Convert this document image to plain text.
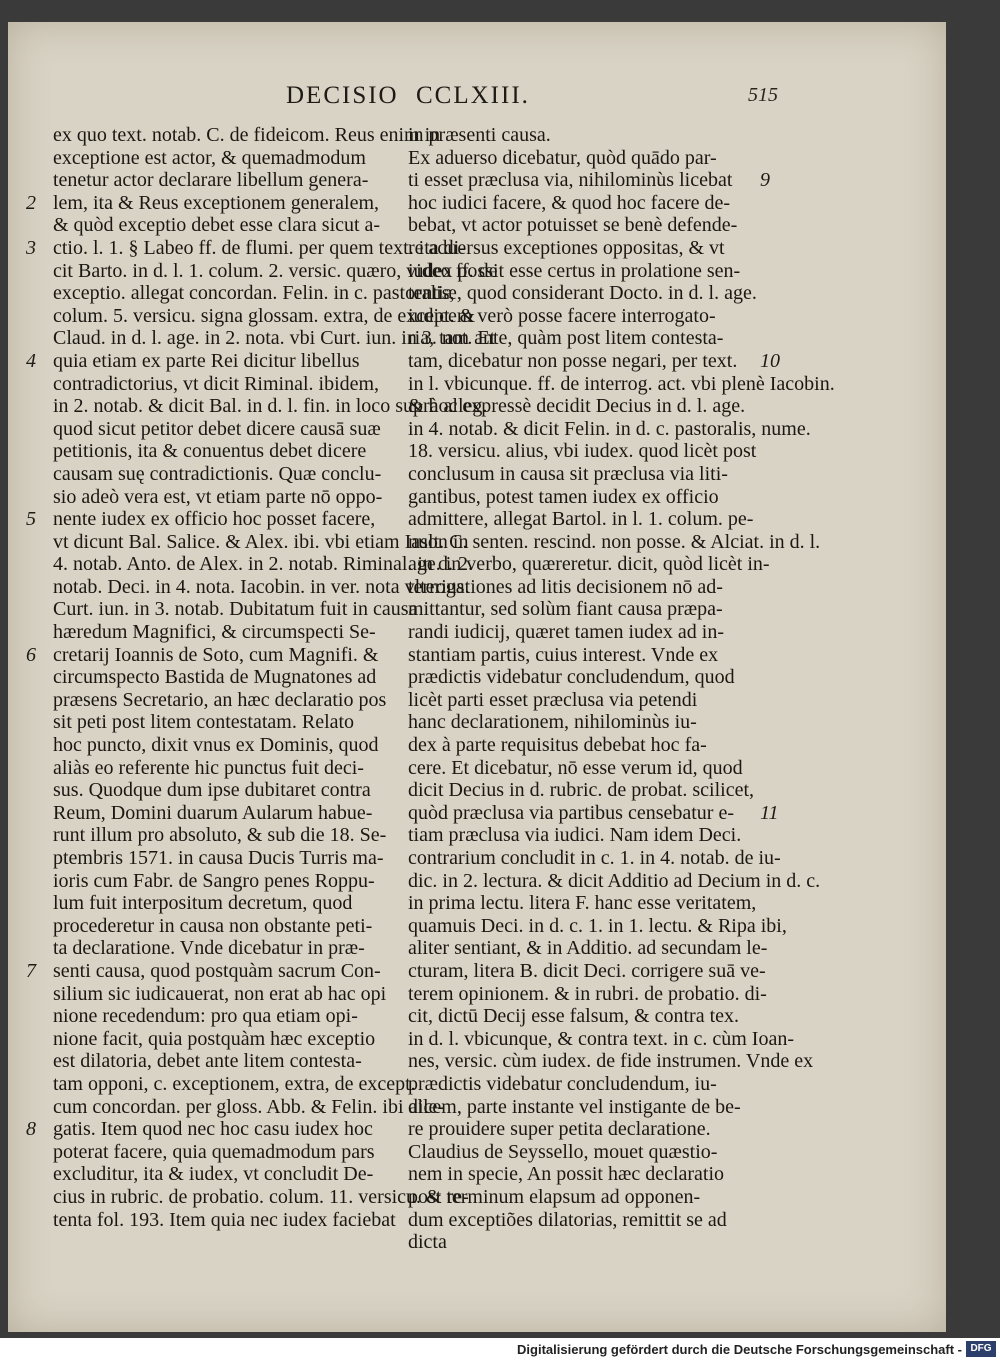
DECISIO CCLXIII.	515
ex quo text. notab. C. de fideicom. Reus enim in
exceptione est actor, & quemadmodum
tenetur actor declarare libellum genera-
lem, ita & Reus exceptionem generalem,
& quòd exceptio debet esse clara sicut a-
ctio. l. 1. § Labeo ff. de flumi. per quem text. ita di-
cit Barto. in d. l. 1. colum. 2. versic. quæro, video ff. de
exceptio. allegat concordan. Felin. in c. pastoralis,
colum. 5. versicu. signa glossam. extra, de except. &
Claud. in d. l. age. in 2. nota. vbi Curt. iun. in 3. not. Et
quia etiam ex parte Rei dicitur libellus
contradictorius, vt dicit Riminal. ibidem,
in 2. notab. & dicit Bal. in d. l. fin. in loco suprà alleg.
quod sicut petitor debet dicere causā suæ
petitionis, ita & conuentus debet dicere
causam suę contradictionis. Quæ conclu-
sio adeò vera est, vt etiam parte nō oppo-
nente iudex ex officio hoc posset facere,
vt dicunt Bal. Salice. & Alex. ibi. vbi etiam Iason in
4. notab. Anto. de Alex. in 2. notab. Riminal. in d. 2.
notab. Deci. in 4. nota. Iacobin. in ver. nota vlterius.
Curt. iun. in 3. notab. Dubitatum fuit in causa
hæredum Magnifici, & circumspecti Se-
cretarij Ioannis de Soto, cum Magnifi. &
circumspecto Bastida de Mugnatones ad
præsens Secretario, an hæc declaratio pos
sit peti post litem contestatam. Relato
hoc puncto, dixit vnus ex Dominis, quod
aliàs eo referente hic punctus fuit deci-
sus. Quodque dum ipse dubitaret contra
Reum, Domini duarum Aularum habue-
runt illum pro absoluto, & sub die 18. Se-
ptembris 1571. in causa Ducis Turris ma-
ioris cum Fabr. de Sangro penes Roppu-
lum fuit interpositum decretum, quod
procederetur in causa non obstante peti-
ta declaratione. Vnde dicebatur in præ-
senti causa, quod postquàm sacrum Con-
silium sic iudicauerat, non erat ab hac opi
nione recedendum: pro qua etiam opi-
nione facit, quia postquàm hæc exceptio
est dilatoria, debet ante litem contesta-
tam opponi, c. exceptionem, extra, de except.
cum concordan. per gloss. Abb. & Felin. ibi alle-
gatis. Item quod nec hoc casu iudex hoc
poterat facere, quia quemadmodum pars
excluditur, ita & iudex, vt concludit De-
cius in rubric. de probatio. colum. 11. versicu. & re-
tenta fol. 193. Item quia nec iudex faciebat
in præsenti causa.
Ex aduerso dicebatur, quòd quādo par-
ti esset præclusa via, nihilominùs licebat
hoc iudici facere, & quod hoc facere de-
bebat, vt actor potuisset se benè defende-
re aduersus exceptiones oppositas, & vt
iudex possit esse certus in prolatione sen-
tentiæ, quod considerant Docto. in d. l. age.
iudicem verò posse facere interrogato-
ria, tam ante, quàm post litem contesta-
tam, dicebatur non posse negari, per text.
in l. vbicunque. ff. de interrog. act. vbi plenè Iacobin.
& hoc expressè decidit Decius in d. l. age.
in 4. notab. & dicit Felin. in d. c. pastoralis, nume.
18. versicu. alius, vbi iudex. quod licèt post
conclusum in causa sit præclusa via liti-
gantibus, potest tamen iudex ex officio
admittere, allegat Bartol. in l. 1. colum. pe-
nult. C. senten. rescind. non posse. & Alciat. in d. l.
age. in verbo, quæreretur. dicit, quòd licèt in-
terrogationes ad litis decisionem nō ad-
mittantur, sed solùm fiant causa præpa-
randi iudicij, quæret tamen iudex ad in-
stantiam partis, cuius interest. Vnde ex
prædictis videbatur concludendum, quod
licèt parti esset præclusa via petendi
hanc declarationem, nihilominùs iu-
dex à parte requisitus debebat hoc fa-
cere. Et dicebatur, nō esse verum id, quod
dicit Decius in d. rubric. de probat. scilicet,
quòd præclusa via partibus censebatur e-
tiam præclusa via iudici. Nam idem Deci.
contrarium concludit in c. 1. in 4. notab. de iu-
dic. in 2. lectura. & dicit Additio ad Decium in d. c.
in prima lectu. litera F. hanc esse veritatem,
quamuis Deci. in d. c. 1. in 1. lectu. & Ripa ibi,
aliter sentiant, & in Additio. ad secundam le-
cturam, litera B. dicit Deci. corrigere suā ve-
terem opinionem. & in rubri. de probatio. di-
cit, dictū Decij esse falsum, & contra tex.
in d. l. vbicunque, & contra text. in c. cùm Ioan-
nes, versic. cùm iudex. de fide instrumen. Vnde ex
prædictis videbatur concludendum, iu-
dicem, parte instante vel instigante de be-
re prouidere super petita declaratione.
Claudius de Seyssello, mouet quæstio-
nem in specie, An possit hæc declaratio
post terminum elapsum ad opponen-
dum exceptiões dilatorias, remittit se ad
dicta
2
3
4
5
6
7
8
9
10
11
Digitalisierung gefördert durch die Deutsche Forschungsgemeinschaft - DFG
